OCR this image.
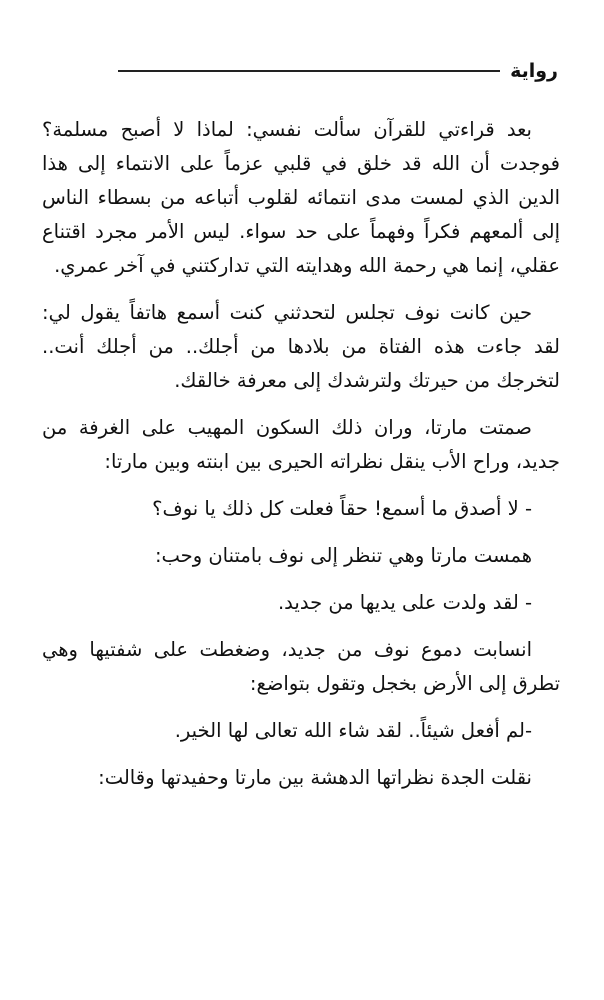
رواية

بعد قراءتي للقرآن سألت نفسي: لماذا لا أصبح مسلمة؟ فوجدت أن الله قد خلق في قلبي عزماً على الانتماء إلى هذا الدين الذي لمست مدى انتمائه لقلوب أتباعه من بسطاء الناس إلى ألمعهم فكراً وفهماً على حد سواء. ليس الأمر مجرد اقتناع عقلي، إنما هي رحمة الله وهدايته التي تداركتني في آخر عمري.

حين كانت نوف تجلس لتحدثني كنت أسمع هاتفاً يقول لي: لقد جاءت هذه الفتاة من بلادها من أجلك.. من أجلك أنت.. لتخرجك من حيرتك ولترشدك إلى معرفة خالقك.

صمتت مارتا، وران ذلك السكون المهيب على الغرفة من جديد، وراح الأب ينقل نظراته الحيرى بين ابنته وبين مارتا:

- لا أصدق ما أسمع! حقاً فعلت كل ذلك يا نوف؟

همست مارتا وهي تنظر إلى نوف بامتنان وحب:

- لقد ولدت على يديها من جديد.

انسابت دموع نوف من جديد، وضغطت على شفتيها وهي تطرق إلى الأرض بخجل وتقول بتواضع:

-لم أفعل شيئاً.. لقد شاء الله تعالى لها الخير.

نقلت الجدة نظراتها الدهشة بين مارتا وحفيدتها وقالت:
